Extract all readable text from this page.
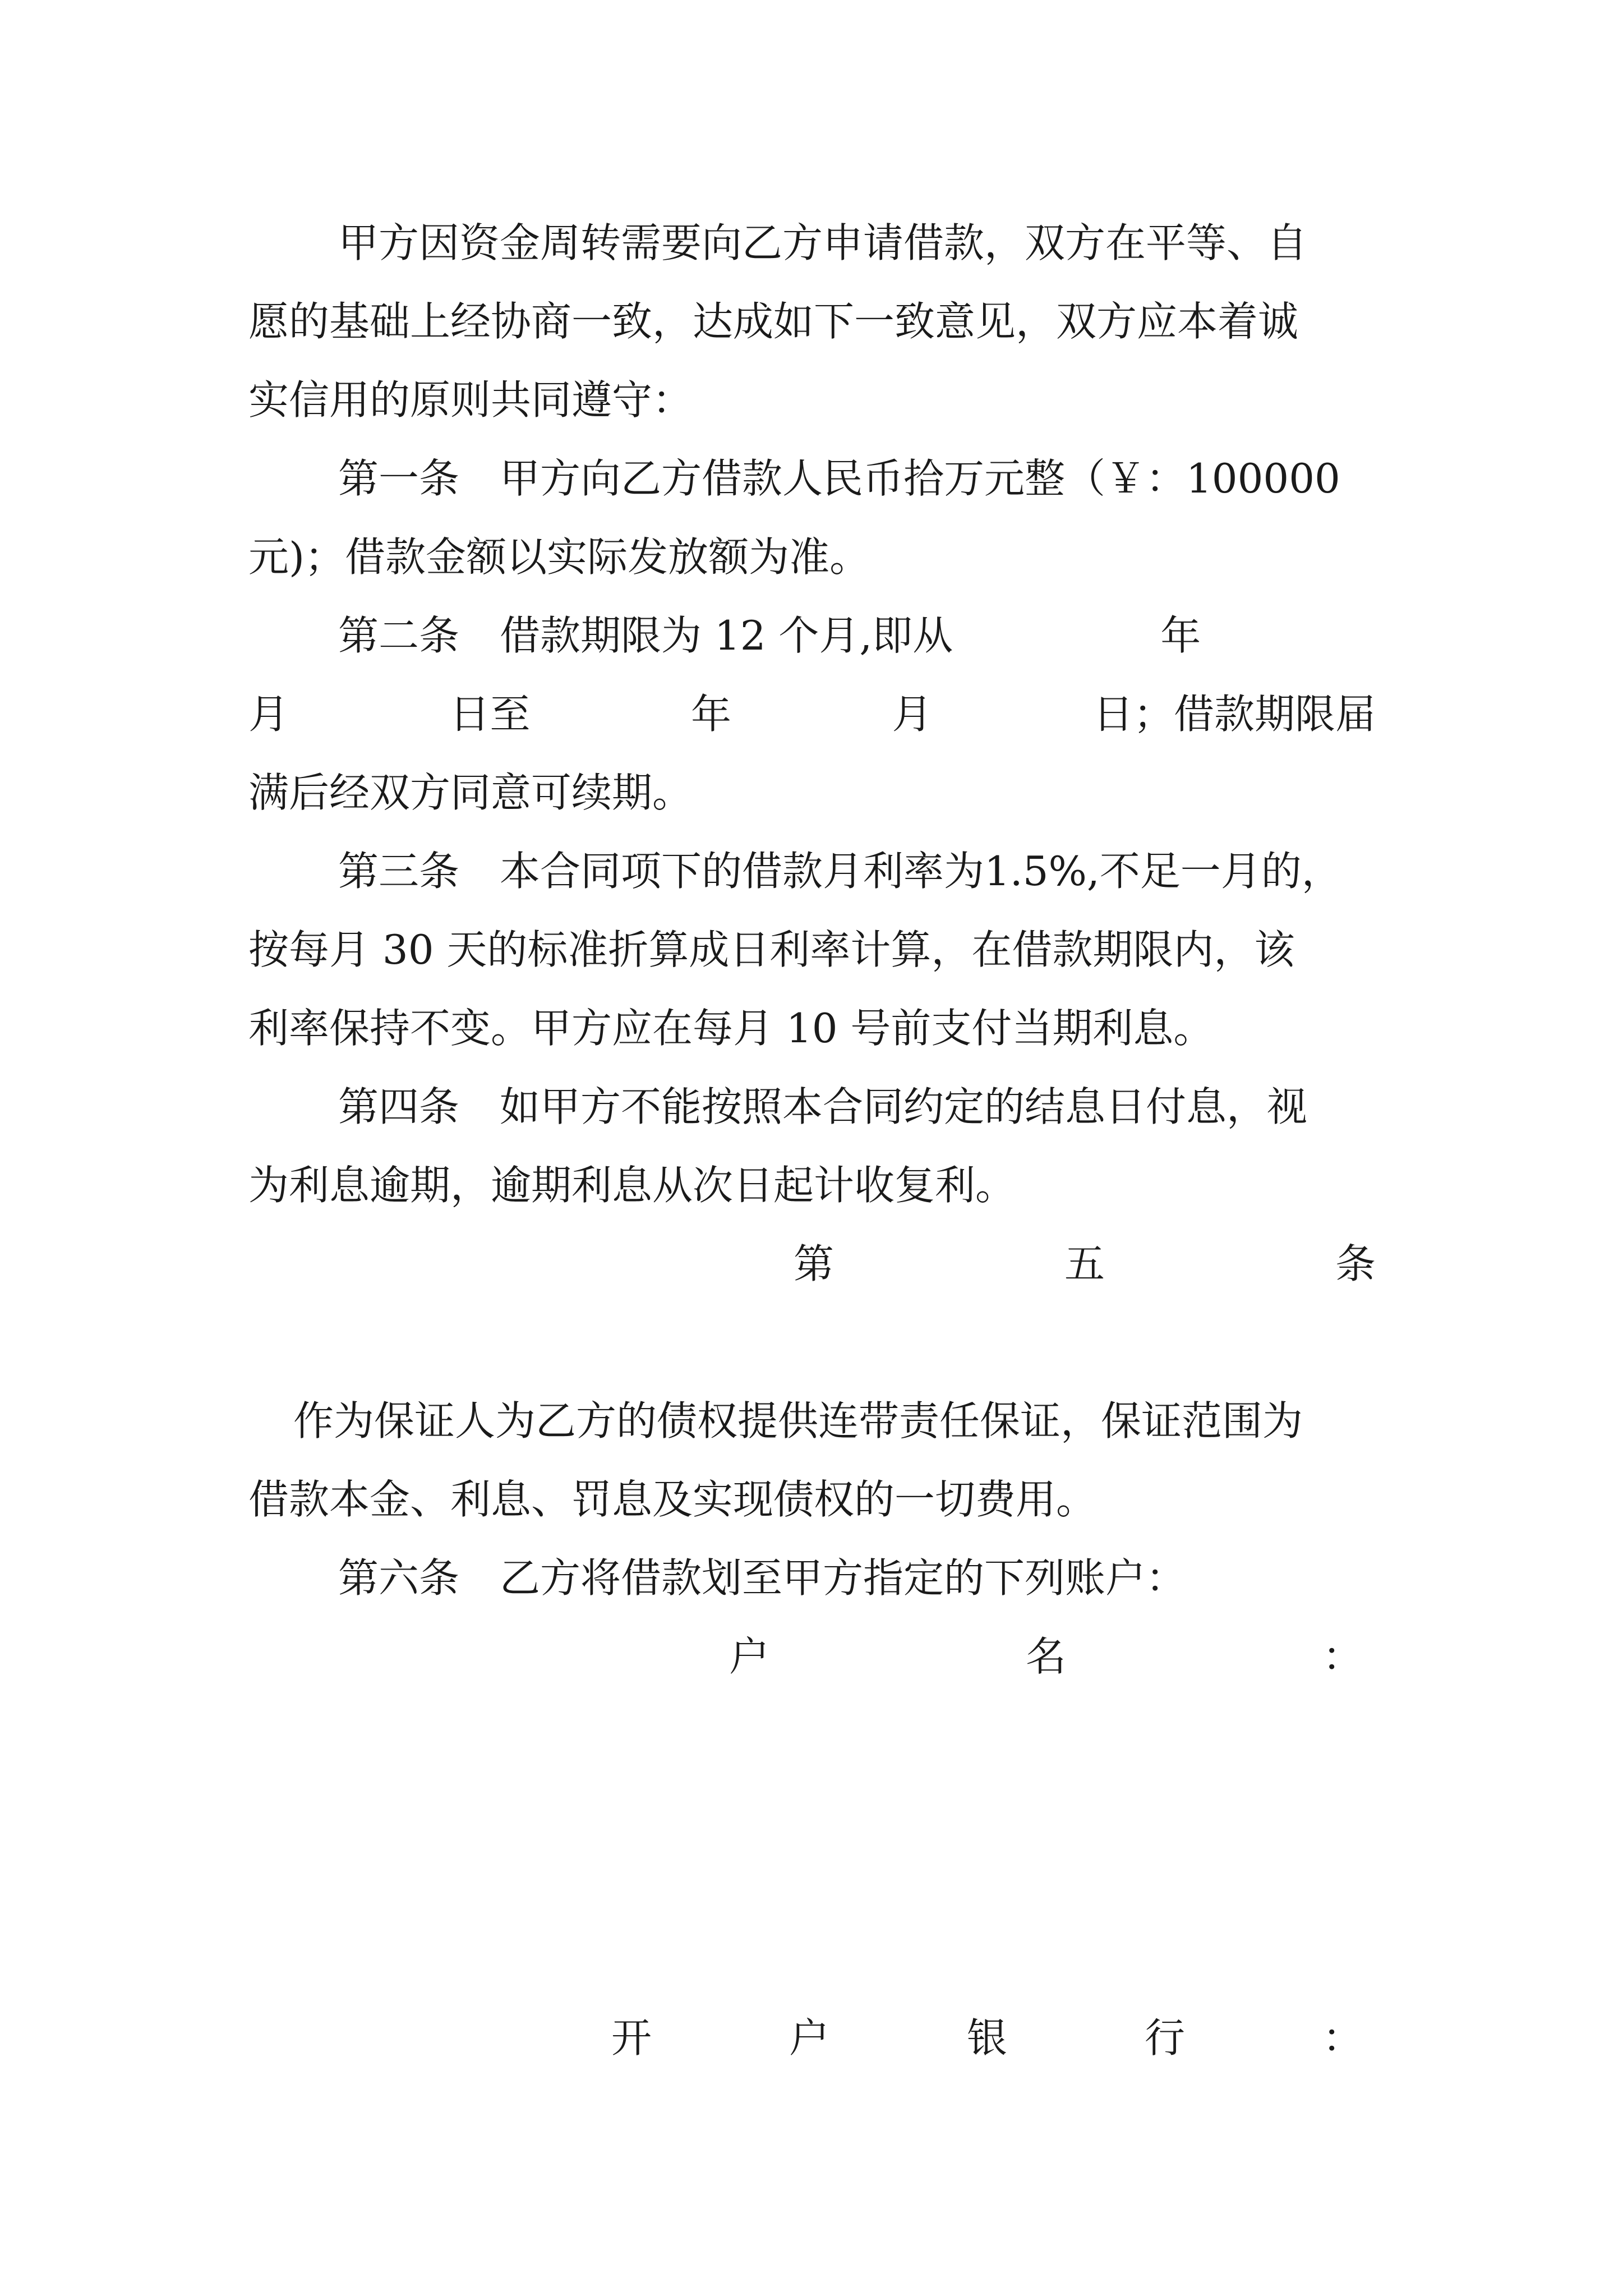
甲方因资金周转需要向乙方申请借款，双方在平等、自
愿的基础上经协商一致，达成如下一致意见，双方应本着诚
实信用的原则共同遵守：
第一条　甲方向乙方借款人民币拾万元整（￥：100000
元)；借款金额以实际发放额为准。
第二条　借款期限为 12 个月,即从	年
月	日至	年	月	日；借款期限届
满后经双方同意可续期。
第三条　本合同项下的借款月利率为1.5%,不足一月的，
按每月 30 天的标准折算成日利率计算，在借款期限内，该
利率保持不变。甲方应在每月 10 号前支付当期利息。
第四条　如甲方不能按照本合同约定的结息日付息，视
为利息逾期，逾期利息从次日起计收复利。
第	五	条
作为保证人为乙方的债权提供连带责任保证，保证范围为
借款本金、利息、罚息及实现债权的一切费用。
第六条　乙方将借款划至甲方指定的下列账户：
户	名	：
开	户	银	行	：
